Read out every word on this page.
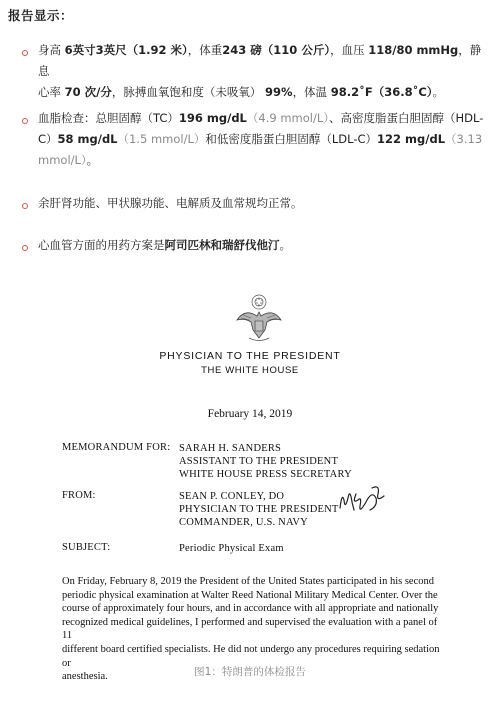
报告显示：
身高 6英寸3英尺（1.92 米），体重243 磅（110 公斤），血压 118/80 mmHg，静息
心率 70 次/分，脉搏血氧饱和度（未吸氧） 99%，体温 98.2˚F（36.8˚C）。
血脂检查：总胆固醇（TC）196 mg/dL（4.9 mmol/L）、高密度脂蛋白胆固醇（HDL-
C）58 mg/dL（1.5 mmol/L）和低密度脂蛋白胆固醇（LDL-C）122 mg/dL（3.13
mmol/L）。
余肝肾功能、甲状腺功能、电解质及血常规均正常。
心血管方面的用药方案是阿司匹林和瑞舒伐他汀。
PHYSICIAN TO THE PRESIDENT
THE WHITE HOUSE
February 14, 2019
MEMORANDUM FOR: SARAH H. SANDERS
ASSISTANT TO THE PRESIDENT
WHITE HOUSE PRESS SECRETARY
FROM:	SEAN P. CONLEY, DO
PHYSICIAN TO THE PRESIDENT
COMMANDER, U.S. NAVY
SUBJECT:	Periodic Physical Exam
On Friday, February 8, 2019 the President of the United States participated in his second
periodic physical examination at Walter Reed National Military Medical Center. Over the
course of approximately four hours, and in accordance with all appropriate and nationally
recognized medical guidelines, I performed and supervised the evaluation with a panel of 11
different board certified specialists. He did not undergo any procedures requiring sedation or
anesthesia.	图1：特朗普的体检报告
